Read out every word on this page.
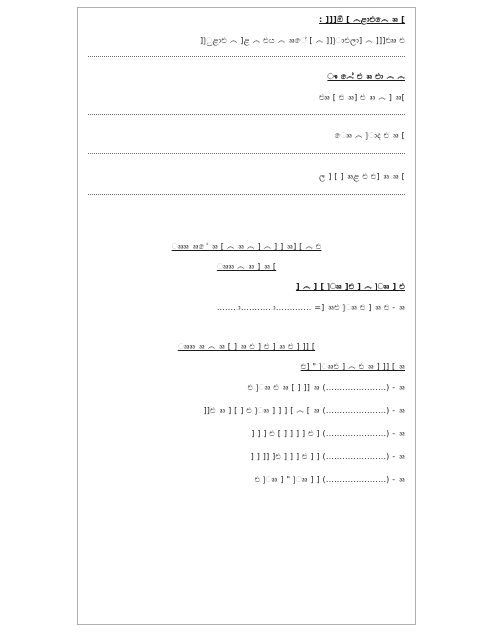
: ]]]ඕ [ ෴ළාළු෴ෙ ෲ [
]]ුළාළු ෴ ]ළ ෴ ළුය ෴ ෲේ [ ෴ ]]]ාළුලා] ෴ ]]]ළුෲ ළු
ෳ ෴ේ ළු ෲ ළුා ෴ ෴
ළුෲ [ ළු ෲ] ළු ෲ ෴ ] ෲ[
ෙෲ ෴ ]ාද ළු ෲ [
ල ] [ ] ෲළ ළු ළු] ෲ ෲ [
ෲෲ ෲ ේ ෲ [ ෴ ෲ ෴ ] ෴ ] ] ෲ] [ ෴ ළු
ෲෲ ෴ ෲ ] ෲ [
] ෴ ] [ ]ෲ ]ළු ] ෴ ]ෲ ] ළු
........ා............ා............. =] ෲළු ]ෲ ළු ] ෲ ළු - ෲ
ෲෲ ෲ ෴ ෲ [ ] ෲ ළු ] ළු ] ෲ ළු ] ]] [
ළු] " ]ෲළු ] ෴ ළු ෲ ] ]] [ ෲ
ළු ]ෲ ළු ෲ [ ] ]] ෲ (......................) - ෲ
]]ළු ෲ ] [ ] ළු ]ෲ ] ] ] [ ෴ [ ෲ (......................) - ෲ
] ] ] ළු [ ] ] ] ] ළු ] (......................) - ෲ
] ] ]] ]ළු ] ] ] ළු ] ] (......................) - ෲ
ළු ]ෲ ] " ]ෲ ] ] (......................) - ෲ
